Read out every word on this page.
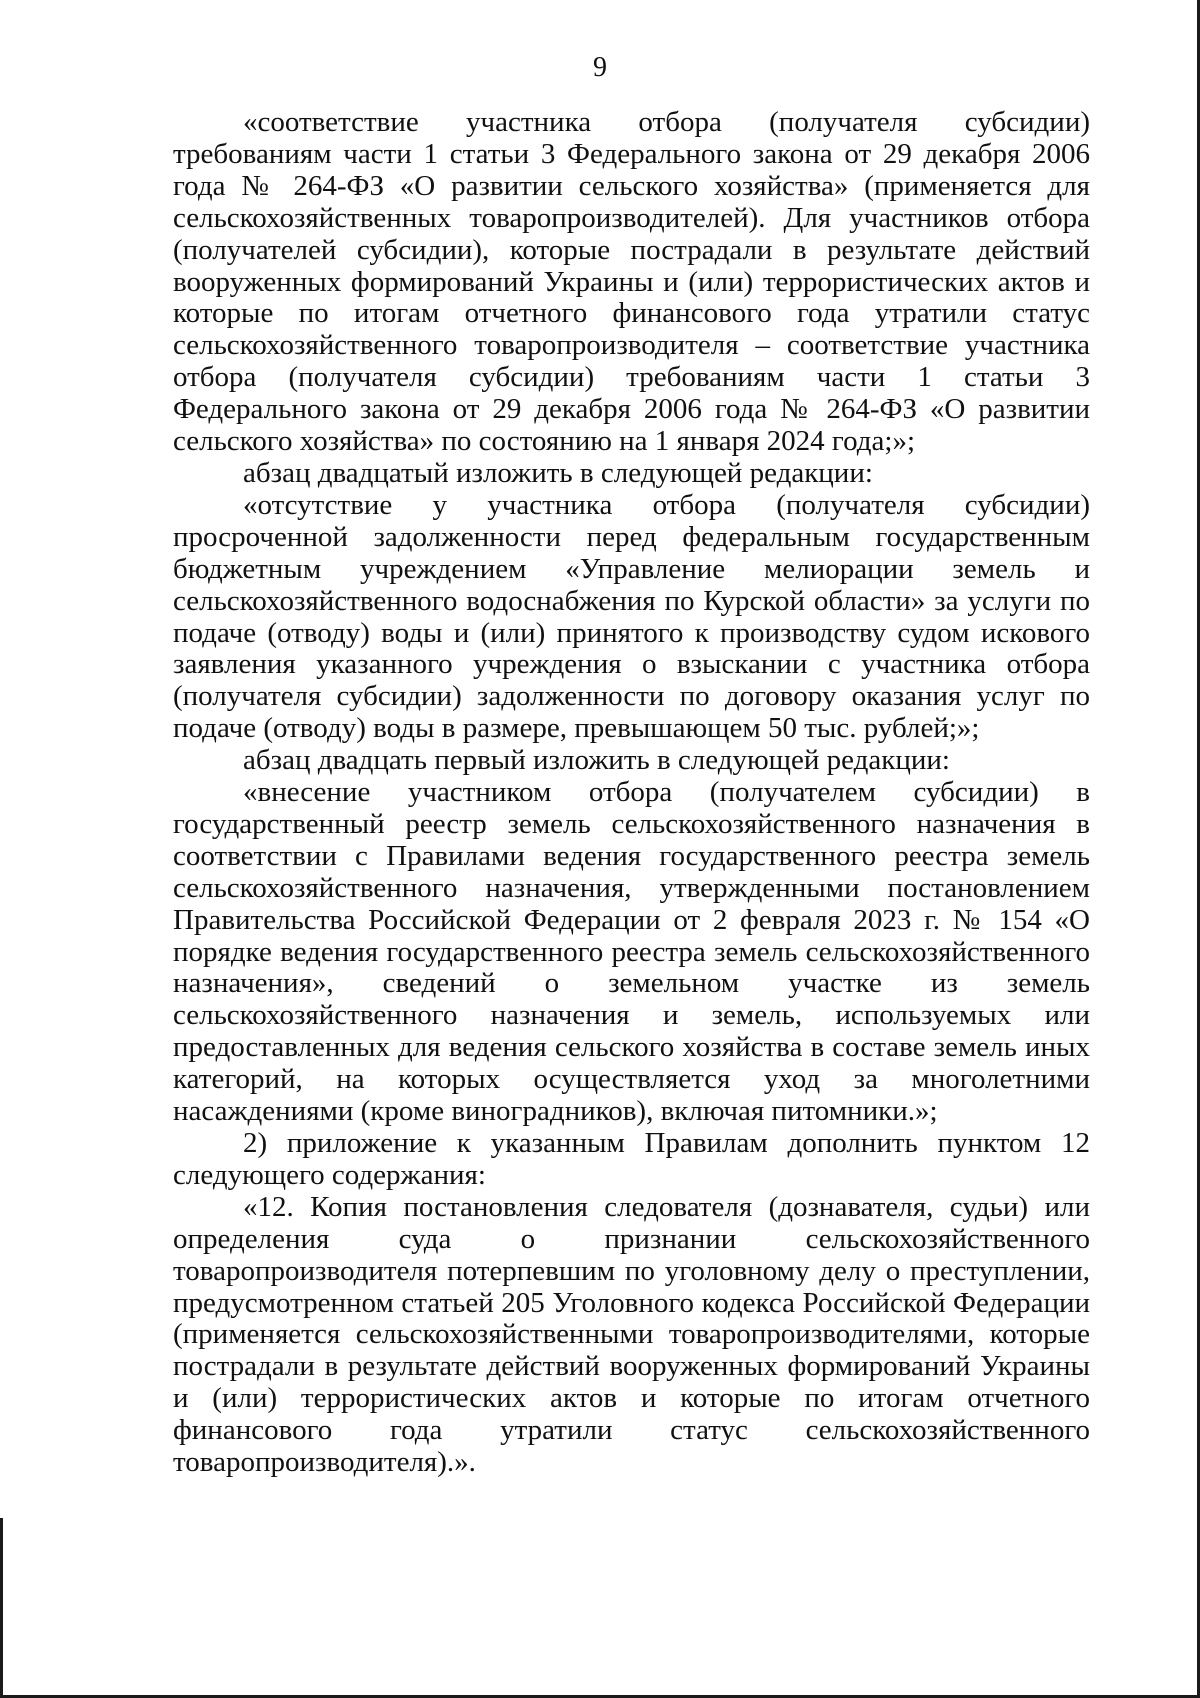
9

«соответствие участника отбора (получателя субсидии) требованиям части 1 статьи 3 Федерального закона от 29 декабря 2006 года № 264-ФЗ «О развитии сельского хозяйства» (применяется для сельскохозяйственных товаропроизводителей). Для участников отбора (получателей субсидии), которые пострадали в результате действий вооруженных формирований Украины и (или) террористических актов и которые по итогам отчетного финансового года утратили статус сельскохозяйственного товаропроизводителя – соответствие участника отбора (получателя субсидии) требованиям части 1 статьи 3 Федерального закона от 29 декабря 2006 года № 264-ФЗ «О развитии сельского хозяйства» по состоянию на 1 января 2024 года;»;

абзац двадцатый изложить в следующей редакции:

«отсутствие у участника отбора (получателя субсидии) просроченной задолженности перед федеральным государственным бюджетным учреждением «Управление мелиорации земель и сельскохозяйственного водоснабжения по Курской области» за услуги по подаче (отводу) воды и (или) принятого к производству судом искового заявления указанного учреждения о взыскании с участника отбора (получателя субсидии) задолженности по договору оказания услуг по подаче (отводу) воды в размере, превышающем 50 тыс. рублей;»;

абзац двадцать первый изложить в следующей редакции:

«внесение участником отбора (получателем субсидии) в государственный реестр земель сельскохозяйственного назначения в соответствии с Правилами ведения государственного реестра земель сельскохозяйственного назначения, утвержденными постановлением Правительства Российской Федерации от 2 февраля 2023 г. № 154 «О порядке ведения государственного реестра земель сельскохозяйственного назначения», сведений о земельном участке из земель сельскохозяйственного назначения и земель, используемых или предоставленных для ведения сельского хозяйства в составе земель иных категорий, на которых осуществляется уход за многолетними насаждениями (кроме виноградников), включая питомники.»;

2) приложение к указанным Правилам дополнить пунктом 12 следующего содержания:

«12. Копия постановления следователя (дознавателя, судьи) или определения суда о признании сельскохозяйственного товаропроизводителя потерпевшим по уголовному делу о преступлении, предусмотренном статьей 205 Уголовного кодекса Российской Федерации (применяется сельскохозяйственными товаропроизводителями, которые пострадали в результате действий вооруженных формирований Украины и (или) террористических актов и которые по итогам отчетного финансового года утратили статус сельскохозяйственного товаропроизводителя).».
